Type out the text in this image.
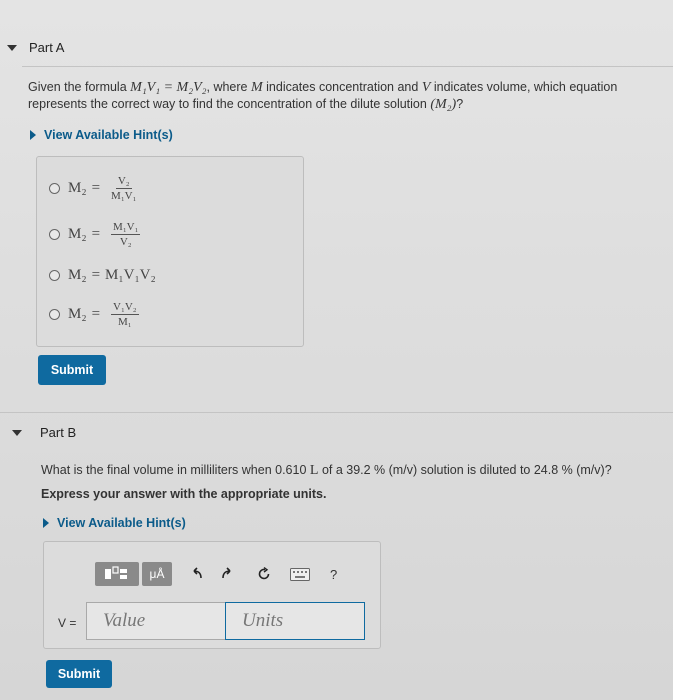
Part A
Given the formula M₁V₁ = M₂V₂, where M indicates concentration and V indicates volume, which equation
represents the correct way to find the concentration of the dilute solution (M₂)?
View Available Hint(s)
$M_2 = \frac{\text{V₂}}{\text{M₁V₁}}$
$M_2 = \frac{\text{M₁V₁}}{\text{V₂}}$
M₂ = M₁V₁V₂
$M_2 = \frac{\text{V₁V₂}}{\text{M₁}}$
Submit
Part B
What is the final volume in milliliters when 0.610 L of a 39.2 % (m/v) solution is diluted to 24.8 % (m/v)?
Express your answer with the appropriate units.
View Available Hint(s)
μÅ	?
V =	Value	Units
Submit
